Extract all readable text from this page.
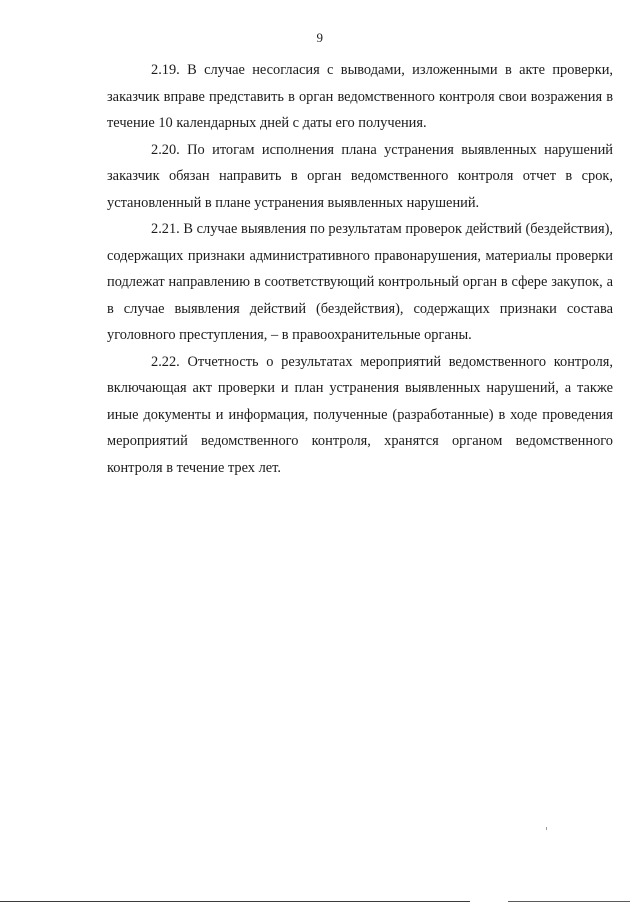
9

2.19. В случае несогласия с выводами, изложенными в акте проверки, заказчик вправе представить в орган ведомственного контроля свои возражения в течение 10 календарных дней с даты его получения.

2.20. По итогам исполнения плана устранения выявленных нарушений заказчик обязан направить в орган ведомственного контроля отчет в срок, установленный в плане устранения выявленных нарушений.

2.21. В случае выявления по результатам проверок действий (бездействия), содержащих признаки административного правонарушения, материалы проверки подлежат направлению в соответствующий контрольный орган в сфере закупок, а в случае выявления действий (бездействия), содержащих признаки состава уголовного преступления, – в правоохранительные органы.

2.22. Отчетность о результатах мероприятий ведомственного контроля, включающая акт проверки и план устранения выявленных нарушений, а также иные документы и информация, полученные (разработанные) в ходе проведения мероприятий ведомственного контроля, хранятся органом ведомственного контроля в течение трех лет.
